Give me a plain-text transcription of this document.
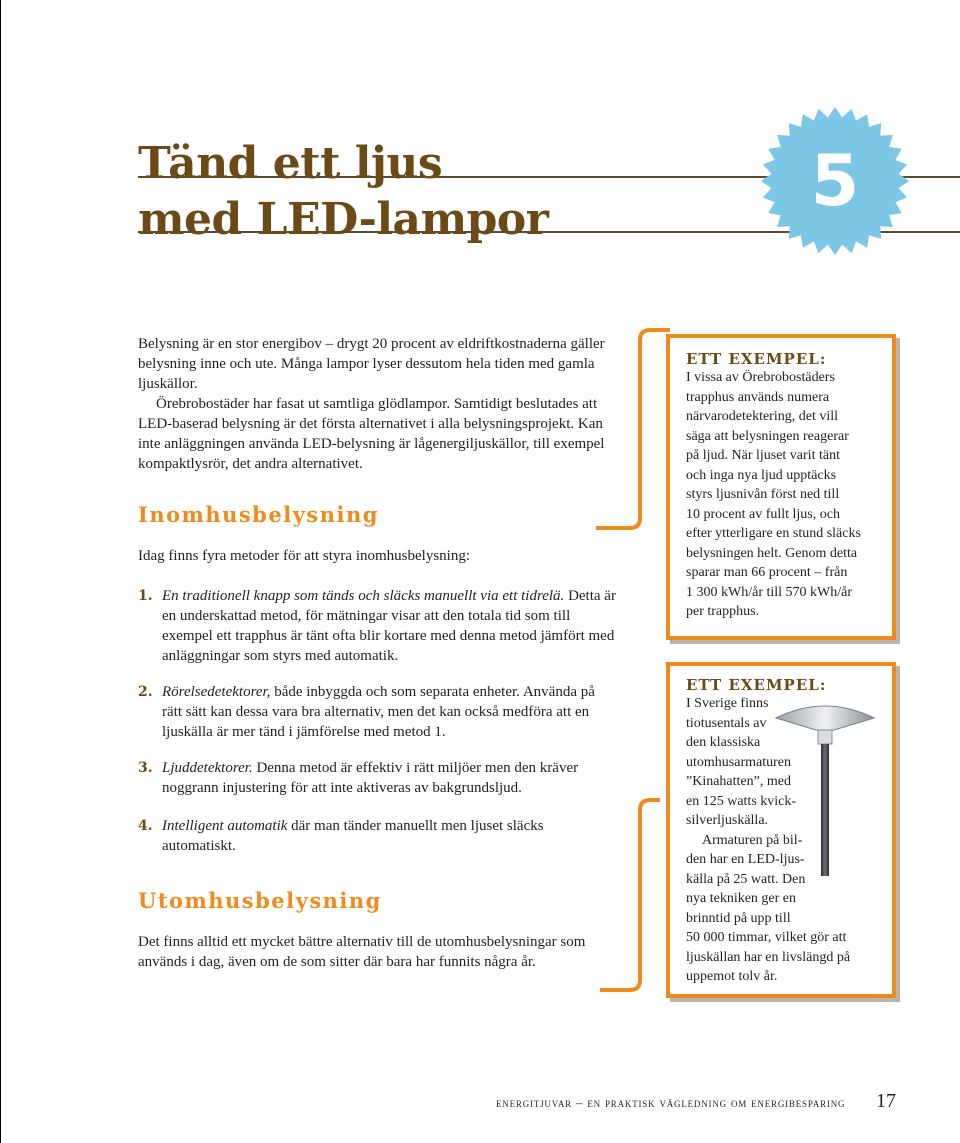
Tänd ett ljus
med LED-lampor	5

Belysning är en stor energibov – drygt 20 procent av eldriftkostnaderna gäller belysning inne och ute. Många lampor lyser dessutom hela tiden med gamla ljuskällor.

Örebrobostäder har fasat ut samtliga glödlampor. Samtidigt beslutades att LED-baserad belysning är det första alternativet i alla belysningsprojekt. Kan inte anläggningen använda LED-belysning är lågenergiljuskällor, till exempel kompaktlysrör, det andra alternativet.

Inomhusbelysning

Idag finns fyra metoder för att styra inomhusbelysning:

1. En traditionell knapp som tänds och släcks manuellt via ett tidrelä. Detta är en underskattad metod, för mätningar visar att den totala tid som till exempel ett trapphus är tänt ofta blir kortare med denna metod jämfört med anläggningar som styrs med automatik.
2. Rörelsedetektorer, både inbyggda och som separata enheter. Använda på rätt sätt kan dessa vara bra alternativ, men det kan också medföra att en ljuskälla är mer tänd i jämförelse med metod 1.
3. Ljuddetektorer. Denna metod är effektiv i rätt miljöer men den kräver noggrann injustering för att inte aktiveras av bakgrundsljud.
4. Intelligent automatik där man tänder manuellt men ljuset släcks automatiskt.
Utomhusbelysning

Det finns alltid ett mycket bättre alternativ till de utomhusbelysningar som används i dag, även om de som sitter där bara har funnits några år.

ETT EXEMPEL:

I vissa av Örebrobostäders
trapphus används numera
närvarodetektering, det vill
säga att belysningen reagerar
på ljud. När ljuset varit tänt
och inga nya ljud upptäcks
styrs ljusnivån först ned till
10 procent av fullt ljus, och
efter ytterligare en stund släcks
belysningen helt. Genom detta
sparar man 66 procent – från
1 300 kWh/år till 570 kWh/år
per trapphus.

ETT EXEMPEL:

I Sverige finns
tiotusentals av
den klassiska
utomhusarmaturen
”Kinahatten”, med
en 125 watts kvick-
silverljuskälla.
Armaturen på bil-
den har en LED-ljus-
källa på 25 watt. Den
nya tekniken ger en
brinntid på upp till
50 000 timmar, vilket gör att
ljuskällan har en livslängd på
uppemot tolv år.
energitjuvar – en praktisk vägledning om energibesparing 17
